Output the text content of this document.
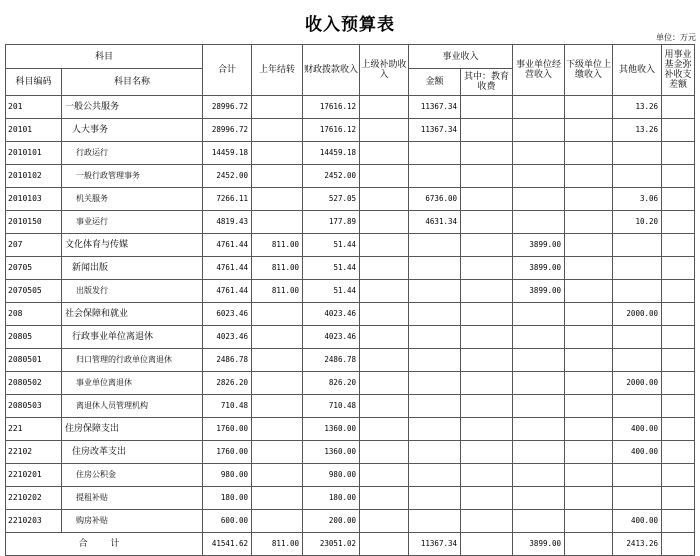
收入预算表
单位：万元
科目		合计	上年结转	财政拨款收入	上级补助收入	事业收入		事业单位经营收入	下级单位上缴收入	其他收入	用事业基金弥补收支差额
科目编码	科目名称					金额	其中：教育收费				
201	一般公共服务	28996.72		17616.12		11367.34				13.26	
20101	人大事务	28996.72		17616.12		11367.34				13.26	
2010101	行政运行	14459.18		14459.18							
2010102	一般行政管理事务	2452.00		2452.00							
2010103	机关服务	7266.11		527.05		6736.00				3.06	
2010150	事业运行	4819.43		177.89		4631.34				10.20	
207	文化体育与传媒	4761.44	811.00	51.44				3899.00			
20705	新闻出版	4761.44	811.00	51.44				3899.00			
2070505	出版发行	4761.44	811.00	51.44				3899.00			
208	社会保障和就业	6023.46		4023.46						2000.00	
20805	行政事业单位离退休	4023.46		4023.46							
2080501	归口管理的行政单位离退休	2486.78		2486.78							
2080502	事业单位离退休	2826.20		826.20						2000.00	
2080503	离退休人员管理机构	710.48		710.48							
221	住房保障支出	1760.00		1360.00						400.00	
22102	住房改革支出	1760.00		1360.00						400.00	
2210201	住房公积金	980.00		980.00							
2210202	提租补贴	180.00		180.00							
2210203	购房补贴	600.00		200.00						400.00	
合 计		41541.62	811.00	23051.02		11367.34		3899.00		2413.26	
